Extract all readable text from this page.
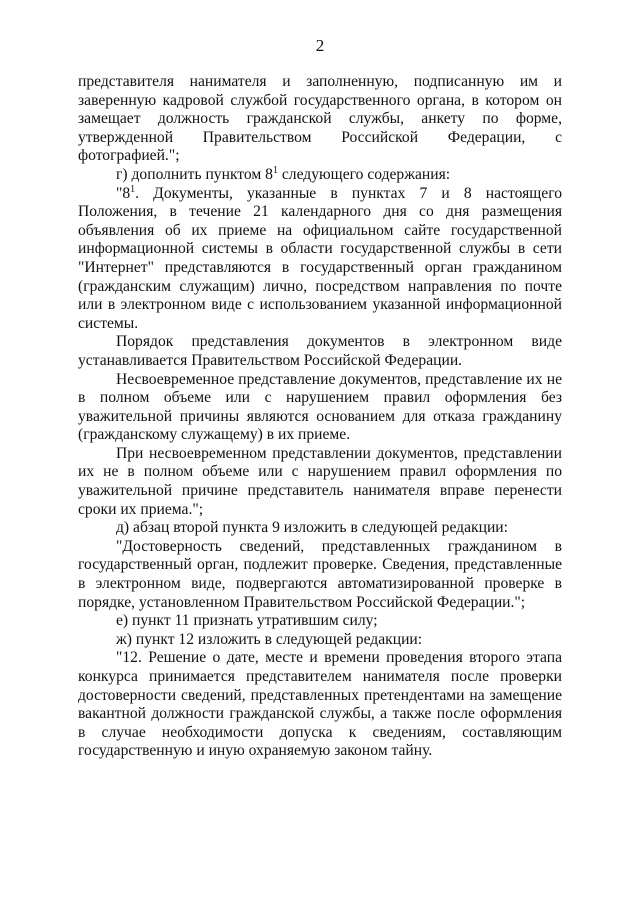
2

представителя нанимателя и заполненную, подписанную им и заверенную кадровой службой государственного органа, в котором он замещает должность гражданской службы, анкету по форме, утвержденной Правительством Российской Федерации, с фотографией.";

г) дополнить пунктом $8^1$ следующего содержания:

"$8^1$. Документы, указанные в пунктах 7 и 8 настоящего Положения, в течение 21 календарного дня со дня размещения объявления об их приеме на официальном сайте государственной информационной системы в области государственной службы в сети "Интернет" представляются в государственный орган гражданином (гражданским служащим) лично, посредством направления по почте или в электронном виде с использованием указанной информационной системы.

Порядок представления документов в электронном виде устанавливается Правительством Российской Федерации.

Несвоевременное представление документов, представление их не в полном объеме или с нарушением правил оформления без уважительной причины являются основанием для отказа гражданину (гражданскому служащему) в их приеме.

При несвоевременном представлении документов, представлении их не в полном объеме или с нарушением правил оформления по уважительной причине представитель нанимателя вправе перенести сроки их приема.";

д) абзац второй пункта 9 изложить в следующей редакции:

"Достоверность сведений, представленных гражданином в государственный орган, подлежит проверке. Сведения, представленные в электронном виде, подвергаются автоматизированной проверке в порядке, установленном Правительством Российской Федерации.";

е) пункт 11 признать утратившим силу;

ж) пункт 12 изложить в следующей редакции:

"12. Решение о дате, месте и времени проведения второго этапа конкурса принимается представителем нанимателя после проверки достоверности сведений, представленных претендентами на замещение вакантной должности гражданской службы, а также после оформления в случае необходимости допуска к сведениям, составляющим государственную и иную охраняемую законом тайну.
